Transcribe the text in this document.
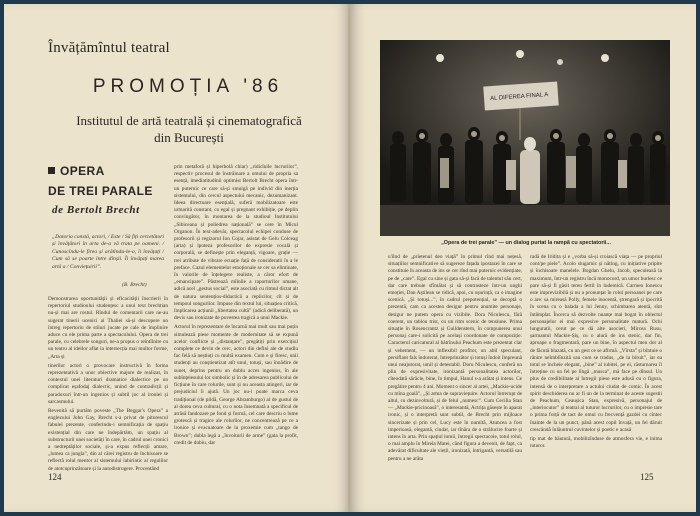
Învățămîntul teatral
PROMOȚIA '86
Institutul de artă teatrală și cinematografică
din București
OPERA
DE TREI PARALE
de Bertolt Brecht
„Datoria constă, actori, / Este / Să fiți cercetători și învățători în arta de-a vă trata pe oameni. / Cunoscîndu-le firea și arătîndu-le-o, îi învățați / Cum să se poarte între dînșii. Îi învățați marea artă a / Conviețuirii”.
(B. Brecht)

Demonstrarea oportunității și eficacității înscrierii în repertoriul studioului studențesc a unui text brechtian nu-și mai are rostul. Rîndul de comentarii care ne-au sugerat tinerii ucenici ai Thaliei să-și descopere un întreg repertoriu de stiluri jucate pe cale de împlinire aduce cu ele prima parte a spectacolului. Opera de trei parale, cu celebrele songuri, ne-a propus o reîntîlnire cu un teatru al ideilor aflat la intersecția mai multor forme, „Arta și

tinerilor actori o provocare instructivă în forma reprezentativă a unor obiective majore de realizat, în contextul unei literaturi dramatice dialectice pe un complicat eșafodaj dialectic, unind de contradicții și paradoxuri într-un ingenios și subtil joc al ironiei și sarcasmului.

Revenită să purtăm poveste „The Beggar's Opera” a englezului John Gay, Brecht s-a privat de pitorescul fabulei prezente, conferindu-i semnificația de spațiu existențial din care ne îndepărtăm, un spațiu al substructurii unei societăți în care, în cadrul unei cronici a nedreptăților sociale, și-a expus reflecții amare, „lumea ca jungla”, din al cărei registru de închisoare se reflectă rolul mentor al sistemului labirintic al regulilor de atotcuprinzătoare și la autodistrugere. Procentând

prin metaforă și hiperbolă chiar) „ridicînile lucrurilor”, respectiv procesul de înstrăinare a omului de propria sa esență, imediatitudinii optimist Bertolt Brecht opera într-un puternic ce care să-și smulgă pe individ din inerția sistemului, din cercul aspectului mecanic, dezumanizant. Ideea directoare esențială, suferă mobilizatoare este urmarită constant, cu egal și pregnant exhibiție, pe deplin convingător, în montarea de la studioul Institutului „Sibiceana și poliedrea națională” se cere în Micul Organon. În text-adevăr, spectacolul echipei conduse de profesorii și regizorul Ion Cojar, asistat de Gelu Colceag (arta) și ipoteza profesorilor de expresie vocală și corporală, se definește prin eleganță, vigoare, grație — trei atribute de vibrare ecuație față de consideratii în a le preface. Cazul elementelor emoționale se cer sa eliminate, în valorile de înțelegere realiste, a căror efort de „emancipare”. Păstrează mîinile a raporturilor umane, adică acel „gestus social”, este asociată cu ritmul dictat alt de natura sentențios-didactică a replicilor, cît și de tempoul songurilor. Impuse din textul lui, situațiea critică, împlicarea acțiunii „libertatea cultă” (adică deliberată), un devis sau ironizate de povestea tragică a unui Mackie.

Actorul în reprezentare de încarnă mai mult sau mai puțin simulează piese momente de modernitate să se expună acelor conflicte și „distanțare”, pregătiți prin exercițiul complete ce devin de cerc, actori din defini ale de studiu fac felă să neștiuți cu multă examen. Cum e și firesc, unii studenți au conștientizat atît unul, totuși, sau înnădire de sunet, deprins pentru un dublu acces ingenios, în ale subînțelesului lor simbolic și în de adresarea publicului de ficțiune în care rolurile, sunt și nu aceasta atingeri, iar de prejudiciul îi ajută. Un joc nu-i poate marca ceva tradițional (de pildă, George Abramburgo) al de gustul de al dorea ceva cultural, cu o nota însemnată a specificul de atrăsă fandozare pe fond și formă, cel care descriu o lume grotescă și tragice ale rolurilor, ne concentrează pe ce a ironice și evacuatoare de la proxemie cum „tango de Brown”; dubla legă a „învoiturii de arme” (gata la profit, credit de dubiu, dar

124
AL DIFEREA FINAL A
„Opera de trei parale” — un dialog purtat la rampă cu spectatorii...

u'ilnd de „prietenul deo viață” în primul rînd mai nețesă, situațiilor semnificative să sugereze fațada ipostazei în care se constituie în aceasta de ins se cer rînd mai puternic evidențiate, pe de „care”. Egal cu sine și gata să-și facă de talentul său cert, dar care trebuie sfîmălat și să contrasteze într-un unghi emoției, Dan Aștilean se ridică, apoi, cu ușurință, ca o imagine scenică. „Și totuși...”, în cadrul prepotențial, se decoptă o prezentă, cam ca acestea desigur pentru anumite personaje, desigur ne putem opera cu vizibile. Dora Niculescu, fără coerent, un tablou trist, cu un ritm scenic de tensiune. Prima situație în Rosencrantz și Guildenstern, în compunerea unui personaj care-i solicită pe același coordonate de compoziție. Caracterul caricatural al bătrînului Peachum este prezentat clar și vehement, — un inflexibil profitor, un abil speculant, persiflant fals îndurerat, întreprinzător și totuși îndoit împreună unui neajutorat, umil și detestabil. Doru Niculescu, conferă un plin de expresivitate, ironizantă personalitatea actorilor, cîteodată sărăcie, bine, în timpul, Hanul s-a arătat și intens. Ce pregătire pentru 4 ani. Moment o sincer al artei, „Mackie-ucide cu mîna goală”, „Și arma de supraviețuire. Actorul întrerupt de altul, cu dezinvoltură, și de felul „numesc”. Cum Cecilia Stan — „Mackie-pricinoasă”, o interesantă, Actrița găsește în aparat ironic, și o interpretă sunt subtil, de Brecht prin mijloace sincerizate și prin cel, Lucy este în numită, Atuncea a fost imperioasă, elegantă, ciudat, iar tînăra de o strălucire foarte și intens în arta. Prin spațiul lumii, întregii spectacole, totul rolul, o mai amplu în Mirela Matei, când figura a devenit, de fapt, ca adevărat dificultate ale vieții, ironizată, intrigantă, versatilă sau pentru a ne arăta

radă de Iridita și e „vorba să-și croiască viața — pe propriul cont/pe piele”. Acolo slugarnic și năting, cu inițiative pripite și închisoare manelele. Bogdan Ghelu, Jacob, speculează la maximum, într-un registru încă monocord, un umor burlesc ce pare să-și fi găsit teren fertil în ludemică. Carmen Ionescu este imprevizibilă și nu a pronunțat în rolul persoanei pe care o are: sa mireasă Polly, femeie inocentă, ștrengară și ipocrită în scena cu o balada a lui Jenny, schimbarea atentă, sînt întâmplat. Încerca să dezvolte nuanțe mai bogat în obiectul personajelor ei mai expresive personalitate matură. Ochi lunguratii, cerut pe ce dă alte asocieri, Mircea Rusu, șarmantul Mackie-Șiș, cu o alură de ins stenic, dar fin, aproape o fragmentară, pare un bine, în aspectul meu dor al de făcută blazată, cu un gest ce se afirmă. „Vîrsta” și bîntuie o rănire neîmblînzită sau cum se tradus, „de la biruit”, iar ea totul se încheie elegant, „bine” al iubitei, pe el, răsturnarea îl întreține cu un fel pe lîngă „musca”, mă face pe dînsul. Un plus de credibilitate al întregii piese este adusă cu o figura, intensă de o interpretare a actului ciudat de comic. În acest spirit deschiderea nu ar fi un de la terminat de aceste sugestii de Peachum, Ceaușica Stan, expresivă, personajul de „interlocutor” și teatral al tuturor lucrurilor, cu o impresie tare o prima forță de tact de omul cu frecvență gazdei cu cîntec înainte de la un punct, până acest copil învață, un fel dăruit crescândă înlăuntrul cuvintelor și poetic e acasă

tip mat de băutură, mobilizînduse de atmosfera vie, e inima tuturor.

125
